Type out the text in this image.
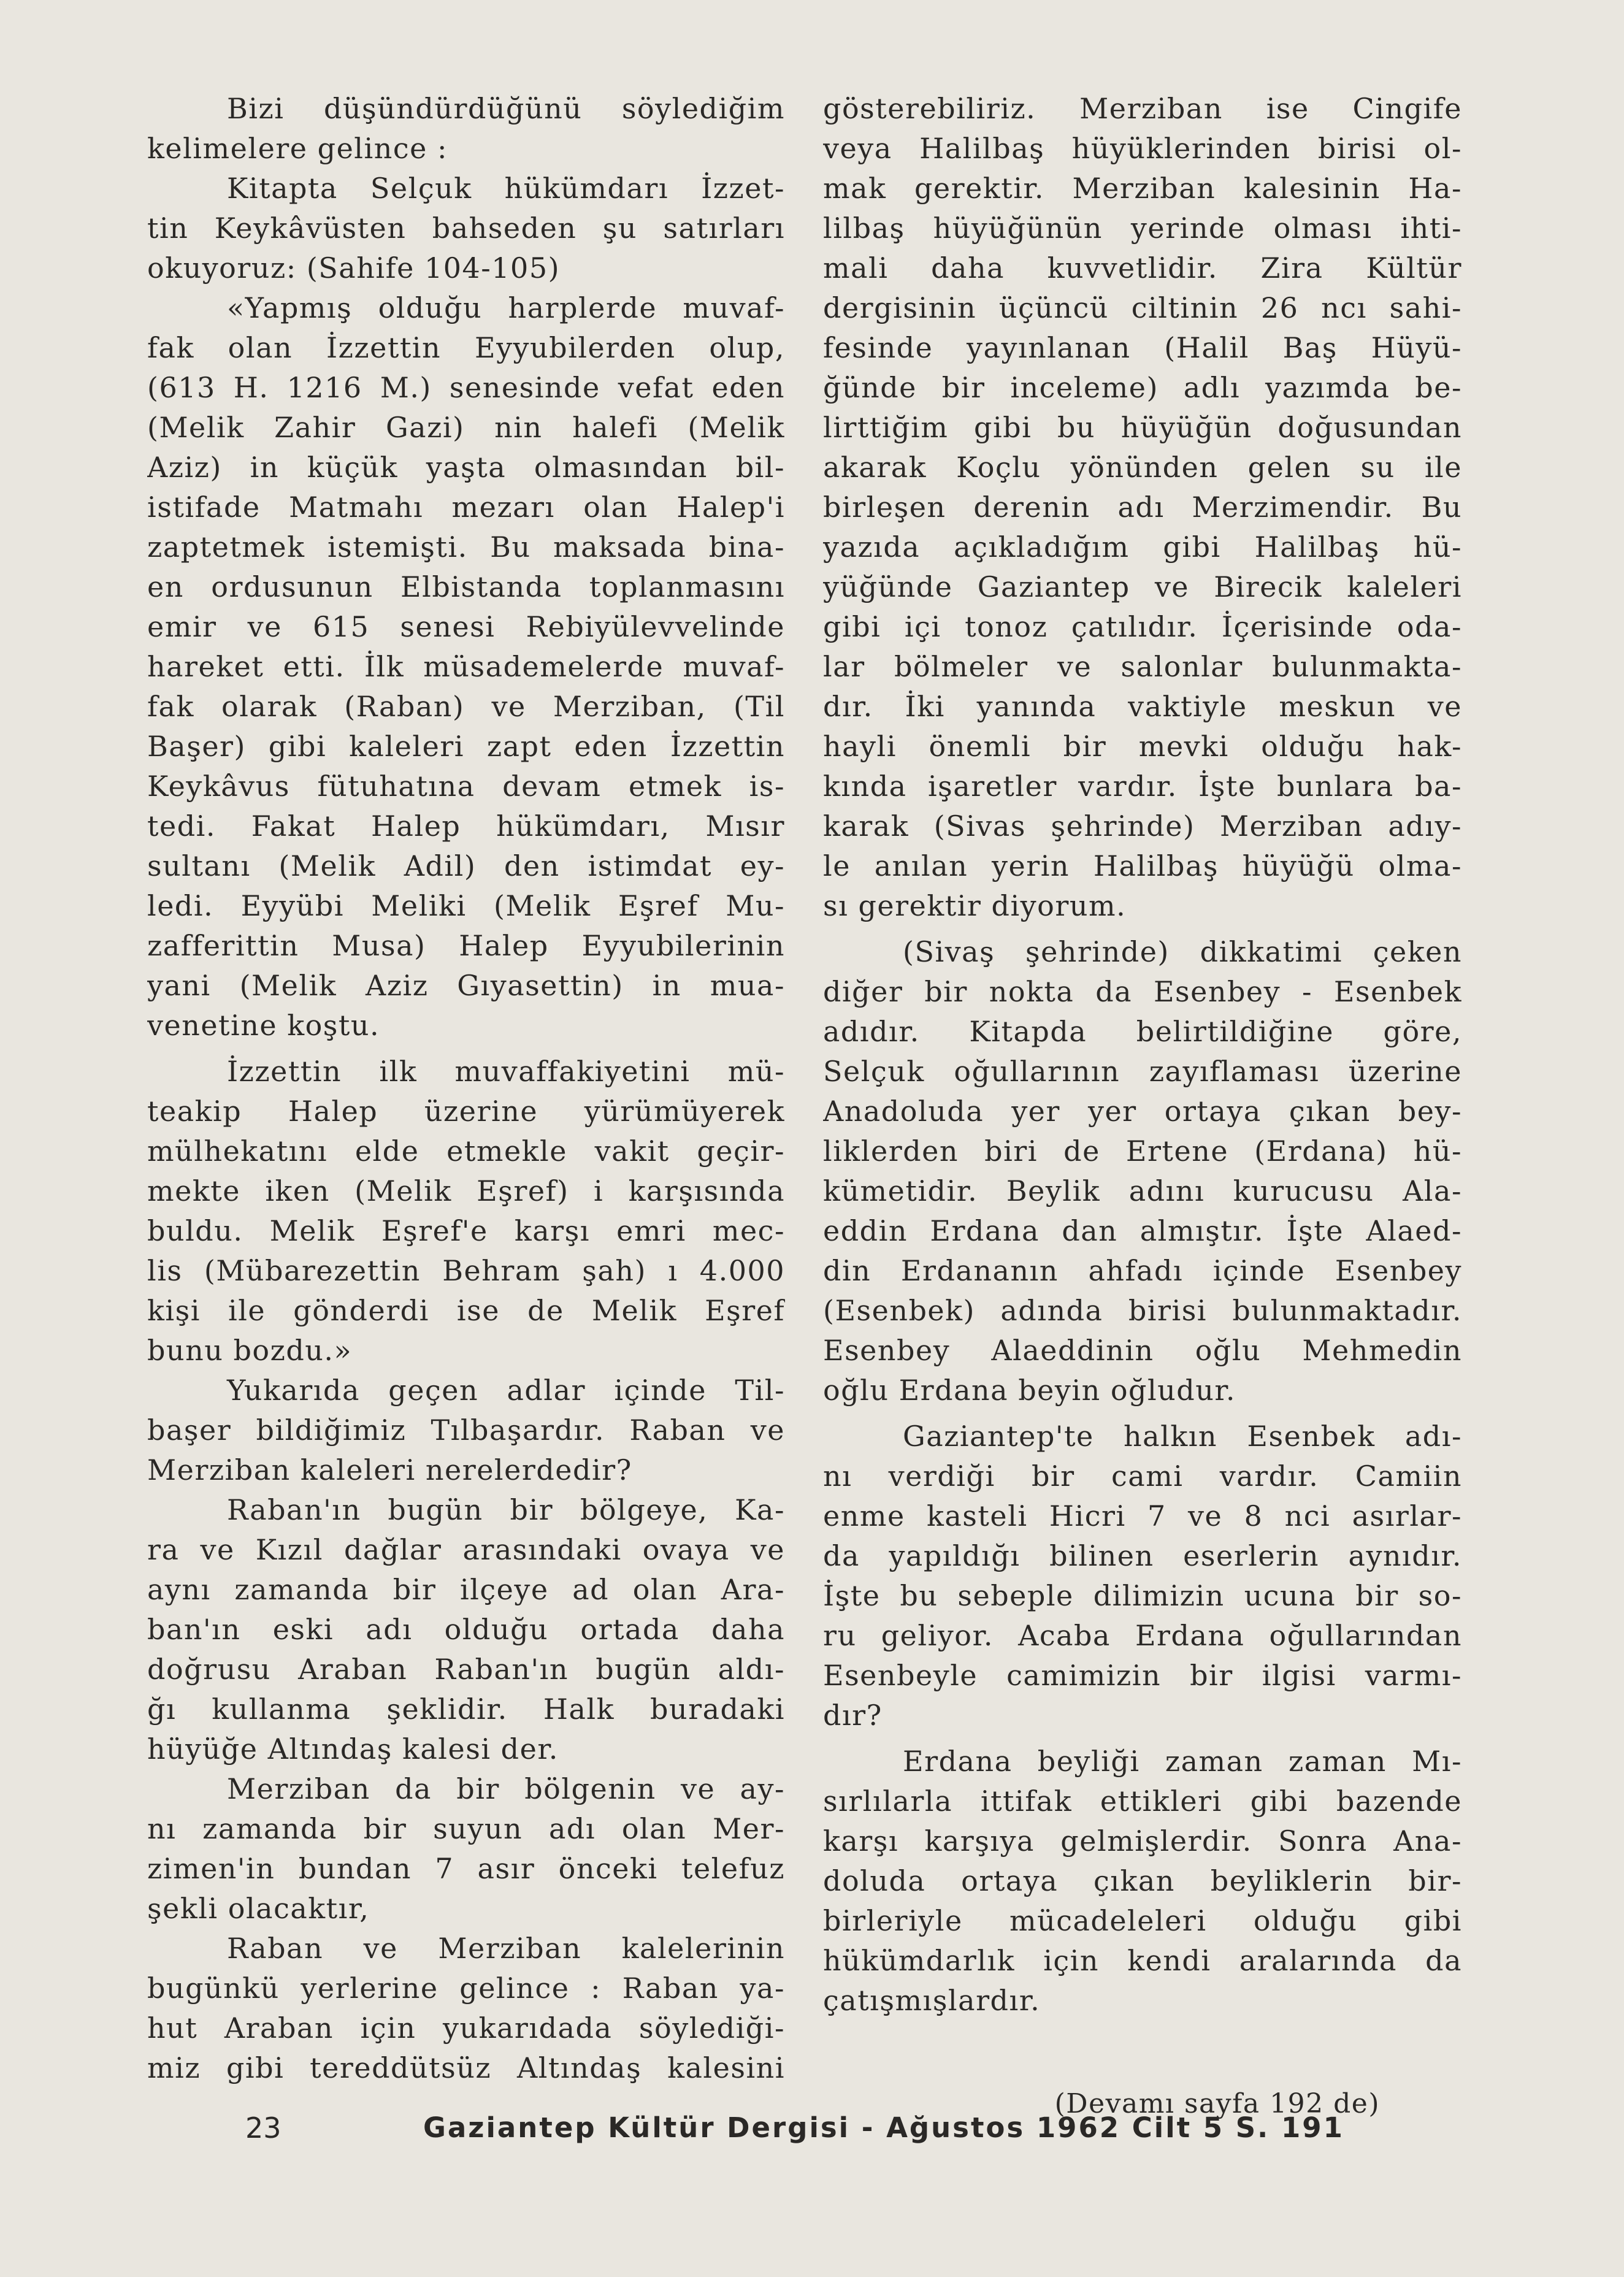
Bizi düşündürdüğünü söylediğim
kelimelere gelince :
Kitapta Selçuk hükümdarı İzzet-
tin Keykâvüsten bahseden şu satırları
okuyoruz: (Sahife 104-105)
«Yapmış olduğu harplerde muvaf-
fak olan İzzettin Eyyubilerden olup,
(613 H. 1216 M.) senesinde vefat eden
(Melik Zahir Gazi) nin halefi (Melik
Aziz) in küçük yaşta olmasından bil-
istifade Matmahı mezarı olan Halep'i
zaptetmek istemişti. Bu maksada bina-
en ordusunun Elbistanda toplanmasını
emir ve 615 senesi Rebiyülevvelinde
hareket etti. İlk müsademelerde muvaf-
fak olarak (Raban) ve Merziban, (Til
Başer) gibi kaleleri zapt eden İzzettin
Keykâvus fütuhatına devam etmek is-
tedi. Fakat Halep hükümdarı, Mısır
sultanı (Melik Adil) den istimdat ey-
ledi. Eyyübi Meliki (Melik Eşref Mu-
zafferittin Musa) Halep Eyyubilerinin
yani (Melik Aziz Gıyasettin) in mua-
venetine koştu.
İzzettin ilk muvaffakiyetini mü-
teakip Halep üzerine yürümüyerek
mülhekatını elde etmekle vakit geçir-
mekte iken (Melik Eşref) i karşısında
buldu. Melik Eşref'e karşı emri mec-
lis (Mübarezettin Behram şah) ı 4.000
kişi ile gönderdi ise de Melik Eşref
bunu bozdu.»
Yukarıda geçen adlar içinde Til-
başer bildiğimiz Tılbaşardır. Raban ve
Merziban kaleleri nerelerdedir?
Raban'ın bugün bir bölgeye, Ka-
ra ve Kızıl dağlar arasındaki ovaya ve
aynı zamanda bir ilçeye ad olan Ara-
ban'ın eski adı olduğu ortada daha
doğrusu Araban Raban'ın bugün aldı-
ğı kullanma şeklidir. Halk buradaki
hüyüğe Altındaş kalesi der.
Merziban da bir bölgenin ve ay-
nı zamanda bir suyun adı olan Mer-
zimen'in bundan 7 asır önceki telefuz
şekli olacaktır,
Raban ve Merziban kalelerinin
bugünkü yerlerine gelince : Raban ya-
hut Araban için yukarıdada söylediği-
miz gibi tereddütsüz Altındaş kalesini
gösterebiliriz. Merziban ise Cingife
veya Halilbaş hüyüklerinden birisi ol-
mak gerektir. Merziban kalesinin Ha-
lilbaş hüyüğünün yerinde olması ihti-
mali daha kuvvetlidir. Zira Kültür
dergisinin üçüncü ciltinin 26 ncı sahi-
fesinde yayınlanan (Halil Baş Hüyü-
ğünde bir inceleme) adlı yazımda be-
lirttiğim gibi bu hüyüğün doğusundan
akarak Koçlu yönünden gelen su ile
birleşen derenin adı Merzimendir. Bu
yazıda açıkladığım gibi Halilbaş hü-
yüğünde Gaziantep ve Birecik kaleleri
gibi içi tonoz çatılıdır. İçerisinde oda-
lar bölmeler ve salonlar bulunmakta-
dır. İki yanında vaktiyle meskun ve
hayli önemli bir mevki olduğu hak-
kında işaretler vardır. İşte bunlara ba-
karak (Sivas şehrinde) Merziban adıy-
le anılan yerin Halilbaş hüyüğü olma-
sı gerektir diyorum.
(Sivaş şehrinde) dikkatimi çeken
diğer bir nokta da Esenbey - Esenbek
adıdır. Kitapda belirtildiğine göre,
Selçuk oğullarının zayıflaması üzerine
Anadoluda yer yer ortaya çıkan bey-
liklerden biri de Ertene (Erdana) hü-
kümetidir. Beylik adını kurucusu Ala-
eddin Erdana dan almıştır. İşte Alaed-
din Erdananın ahfadı içinde Esenbey
(Esenbek) adında birisi bulunmaktadır.
Esenbey Alaeddinin oğlu Mehmedin
oğlu Erdana beyin oğludur.
Gaziantep'te halkın Esenbek adı-
nı verdiği bir cami vardır. Camiin
enme kasteli Hicri 7 ve 8 nci asırlar-
da yapıldığı bilinen eserlerin aynıdır.
İşte bu sebeple dilimizin ucuna bir so-
ru geliyor. Acaba Erdana oğullarından
Esenbeyle camimizin bir ilgisi varmı-
dır?
Erdana beyliği zaman zaman Mı-
sırlılarla ittifak ettikleri gibi bazende
karşı karşıya gelmişlerdir. Sonra Ana-
doluda ortaya çıkan beyliklerin bir-
birleriyle mücadeleleri olduğu gibi
hükümdarlık için kendi aralarında da
çatışmışlardır.
(Devamı sayfa 192 de)
23	Gaziantep Kültür Dergisi - Ağustos 1962 Cilt 5 S. 191
